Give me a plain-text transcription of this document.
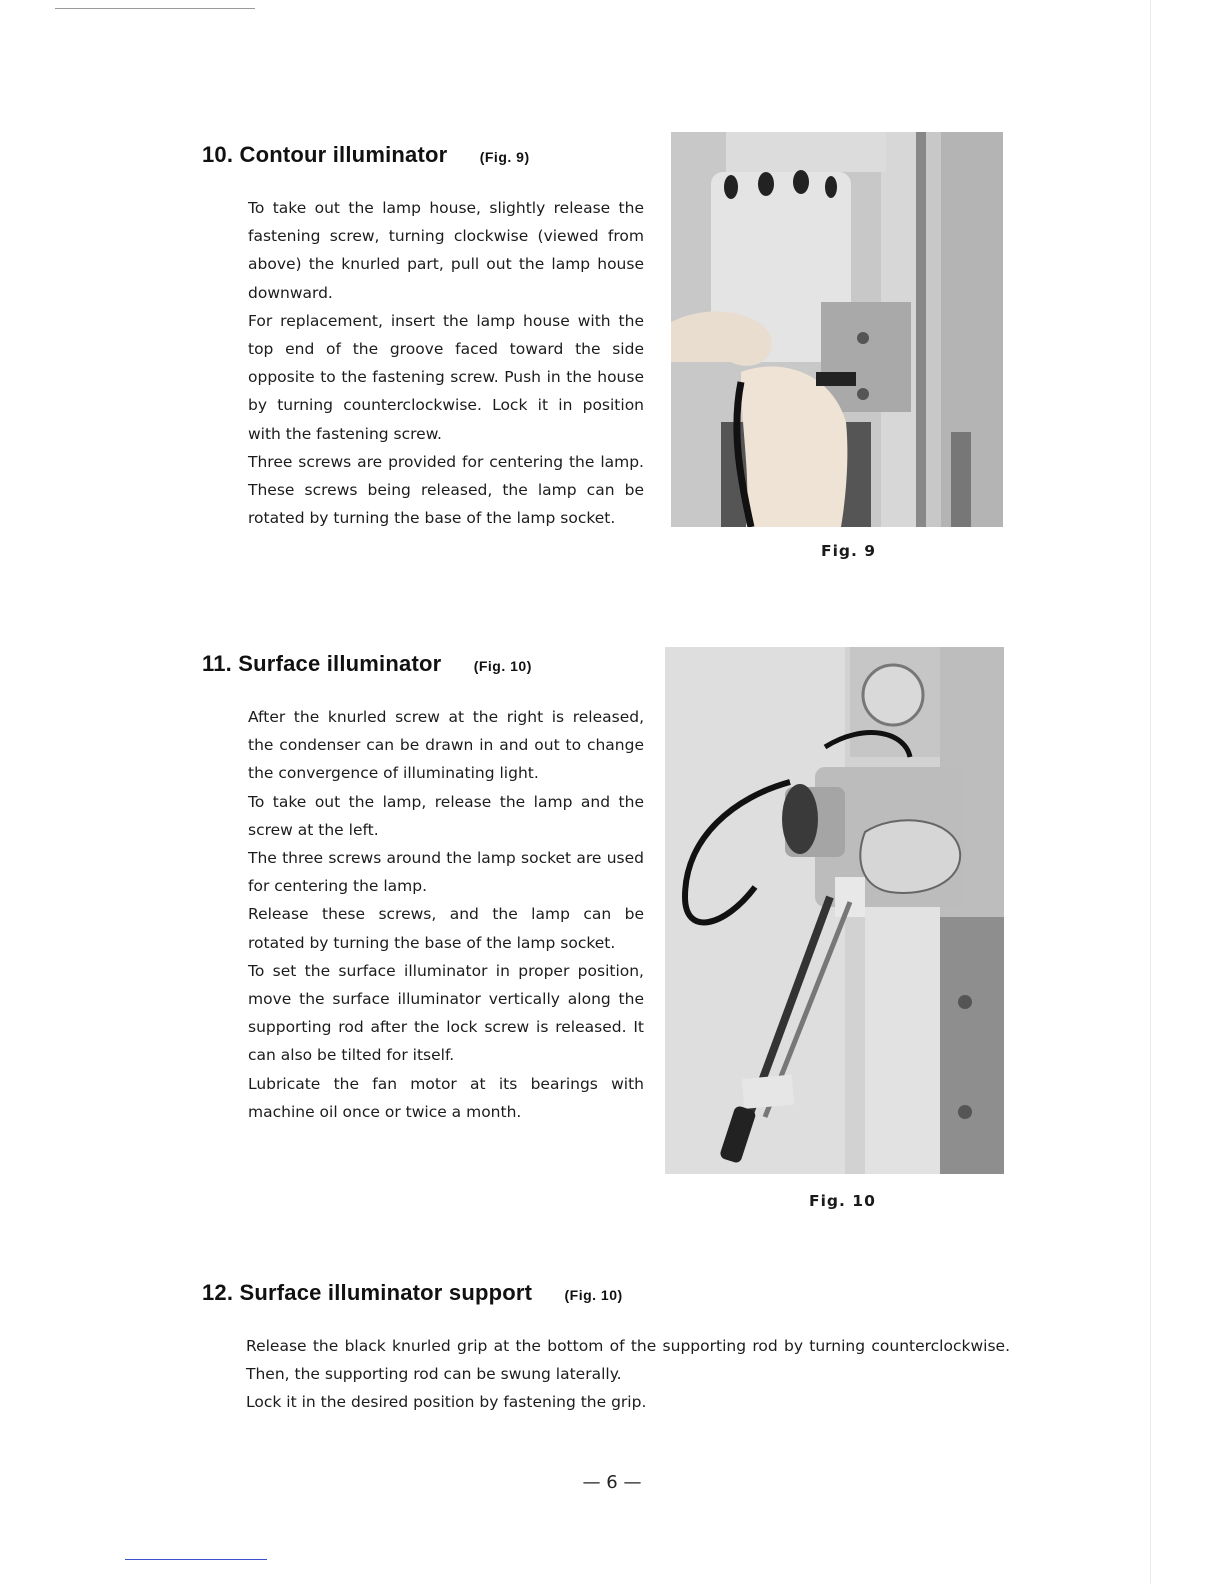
10. Contour illuminator (Fig. 9)

To take out the lamp house, slightly release the fastening screw, turning clockwise (viewed from above) the knurled part, pull out the lamp house downward.

For replacement, insert the lamp house with the top end of the groove faced toward the side opposite to the fastening screw. Push in the house by turning counterclockwise. Lock it in position with the fastening screw.

Three screws are provided for centering the lamp. These screws being released, the lamp can be rotated by turning the base of the lamp socket.

Fig. 9
11. Surface illuminator (Fig. 10)

After the knurled screw at the right is released, the condenser can be drawn in and out to change the convergence of illuminating light.

To take out the lamp, release the lamp and the screw at the left.

The three screws around the lamp socket are used for centering the lamp.

Release these screws, and the lamp can be rotated by turning the base of the lamp socket.

To set the surface illuminator in proper position, move the surface illuminator vertically along the supporting rod after the lock screw is released. It can also be tilted for itself.

Lubricate the fan motor at its bearings with machine oil once or twice a month.

Fig. 10
12. Surface illuminator support (Fig. 10)

Release the black knurled grip at the bottom of the supporting rod by turning counterclockwise. Then, the supporting rod can be swung laterally.

Lock it in the desired position by fastening the grip.

— 6 —
